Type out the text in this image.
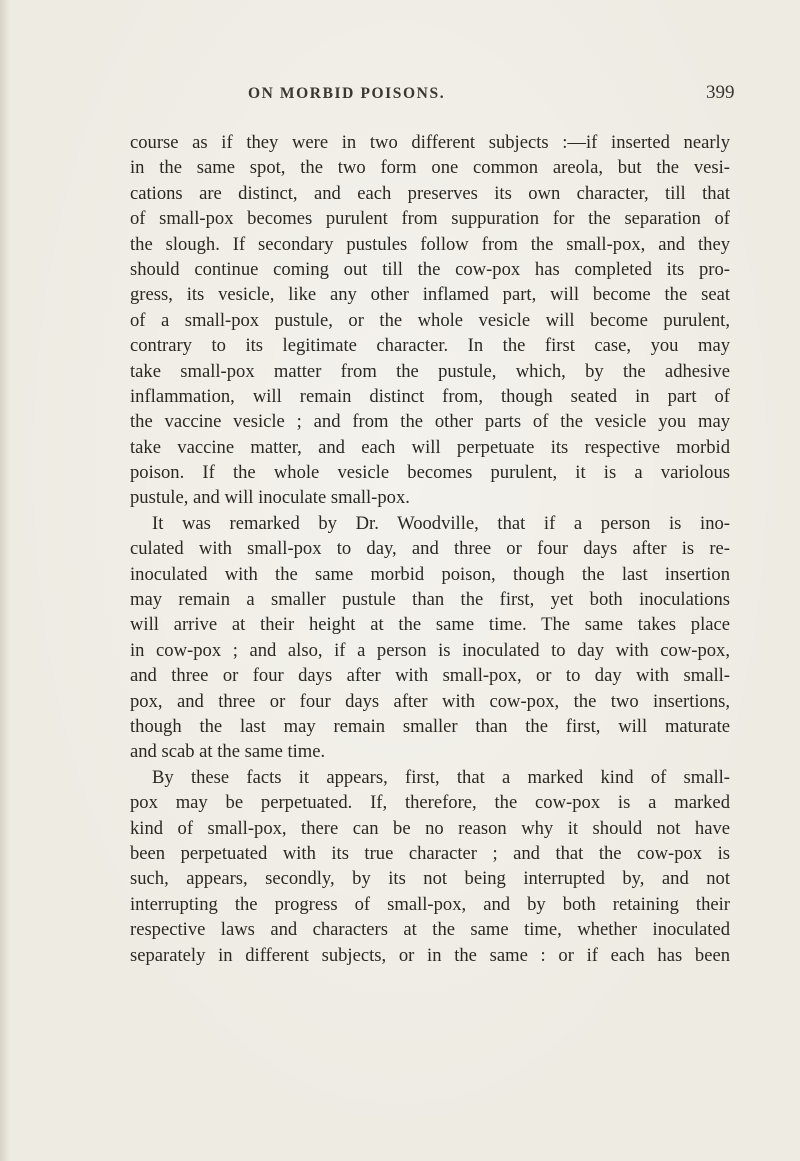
ON MORBID POISONS.	399
course as if they were in two different subjects :—if inserted nearly
in the same spot, the two form one common areola, but the vesi-
cations are distinct, and each preserves its own character, till that
of small-pox becomes purulent from suppuration for the separation of
the slough. If secondary pustules follow from the small-pox, and they
should continue coming out till the cow-pox has completed its pro-
gress, its vesicle, like any other inflamed part, will become the seat
of a small-pox pustule, or the whole vesicle will become purulent,
contrary to its legitimate character. In the first case, you may
take small-pox matter from the pustule, which, by the adhesive
inflammation, will remain distinct from, though seated in part of
the vaccine vesicle ; and from the other parts of the vesicle you may
take vaccine matter, and each will perpetuate its respective morbid
poison. If the whole vesicle becomes purulent, it is a variolous
pustule, and will inoculate small-pox.
It was remarked by Dr. Woodville, that if a person is ino-
culated with small-pox to day, and three or four days after is re-
inoculated with the same morbid poison, though the last insertion
may remain a smaller pustule than the first, yet both inoculations
will arrive at their height at the same time. The same takes place
in cow-pox ; and also, if a person is inoculated to day with cow-pox,
and three or four days after with small-pox, or to day with small-
pox, and three or four days after with cow-pox, the two insertions,
though the last may remain smaller than the first, will maturate
and scab at the same time.
By these facts it appears, first, that a marked kind of small-
pox may be perpetuated. If, therefore, the cow-pox is a marked
kind of small-pox, there can be no reason why it should not have
been perpetuated with its true character ; and that the cow-pox is
such, appears, secondly, by its not being interrupted by, and not
interrupting the progress of small-pox, and by both retaining their
respective laws and characters at the same time, whether inoculated
separately in different subjects, or in the same : or if each has been
